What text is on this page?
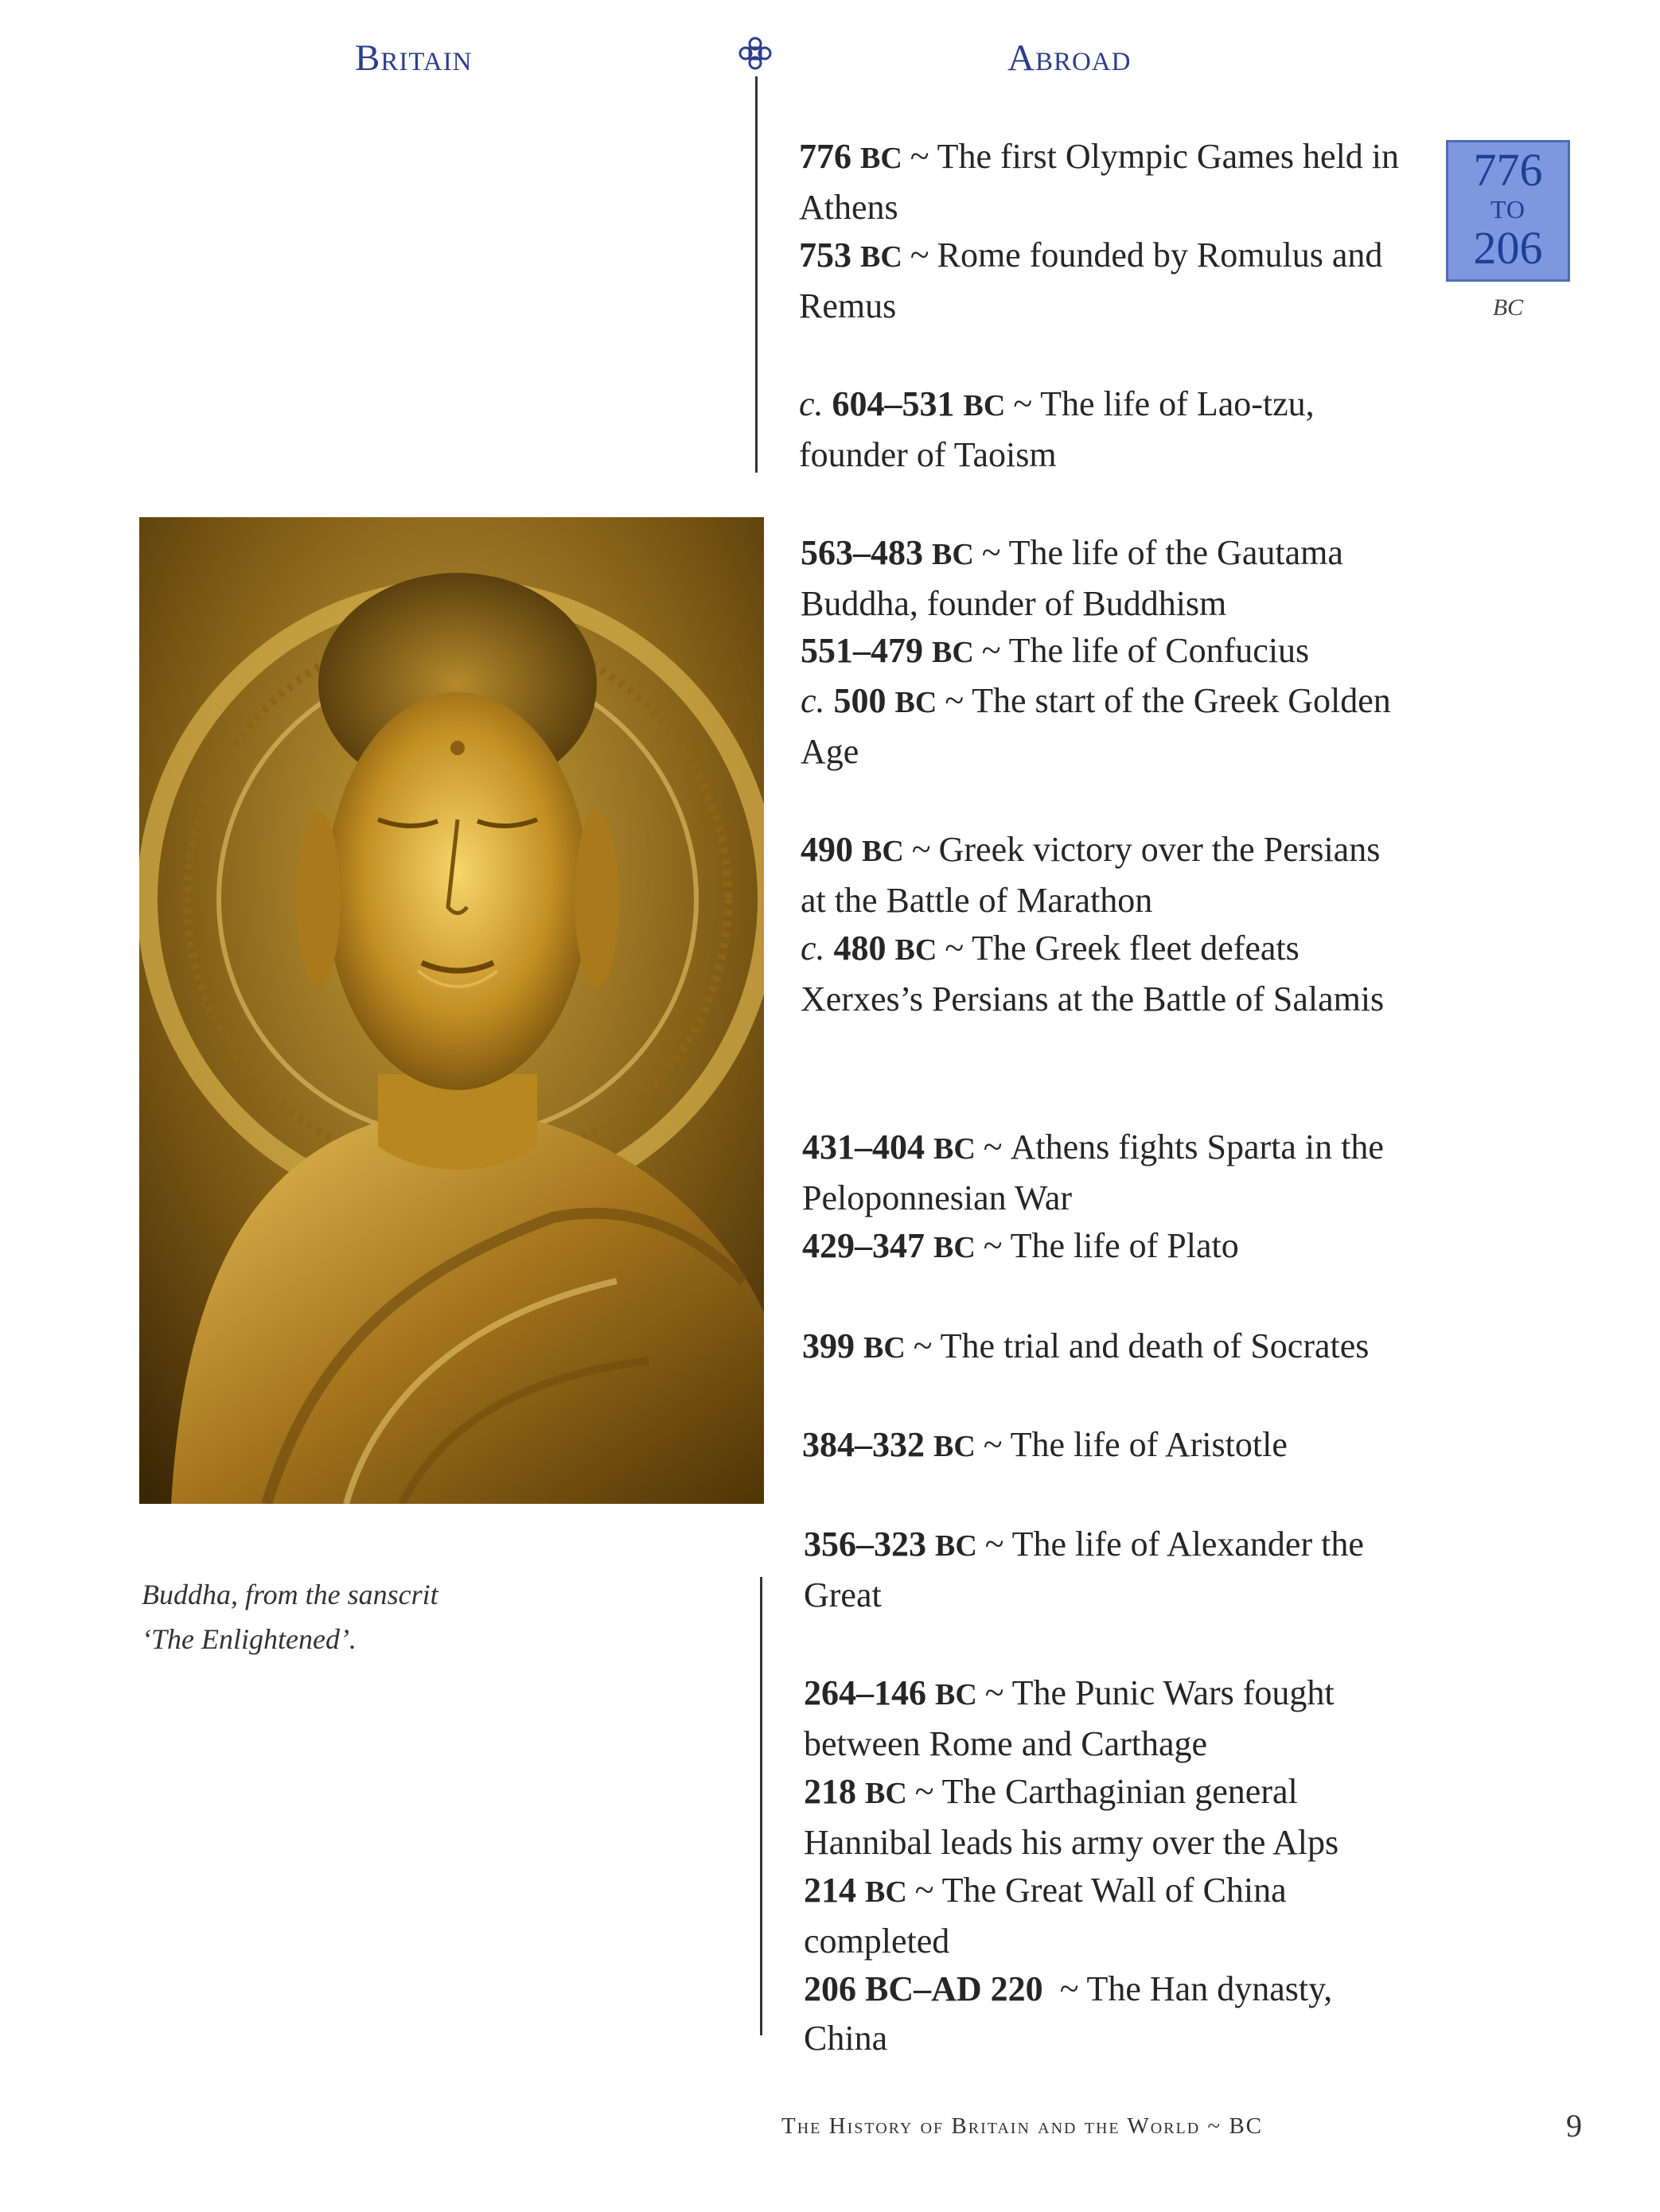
Britain	Abroad
776
TO
206
BC
776 BC ~ The first Olympic Games held in Athens
753 BC ~ Rome founded by Romulus and Remus
c. 604–531 BC ~ The life of Lao-tzu, founder of Taoism
563–483 BC ~ The life of the Gautama Buddha, founder of Buddhism
551–479 BC ~ The life of Confucius
c. 500 BC ~ The start of the Greek Golden Age
490 BC ~ Greek victory over the Persians at the Battle of Marathon
c. 480 BC ~ The Greek fleet defeats Xerxes’s Persians at the Battle of Salamis
431–404 BC ~ Athens fights Sparta in the Peloponnesian War
429–347 BC ~ The life of Plato
399 BC ~ The trial and death of Socrates
384–332 BC ~ The life of Aristotle
356–323 BC ~ The life of Alexander the Great
264–146 BC ~ The Punic Wars fought between Rome and Carthage
218 BC ~ The Carthaginian general Hannibal leads his army over the Alps
214 BC ~ The Great Wall of China completed
206 BC–AD 220 ~ The Han dynasty, China
Buddha, from the sanscrit
‘The Enlightened’.
The History of Britain and the World ~ BC	9
